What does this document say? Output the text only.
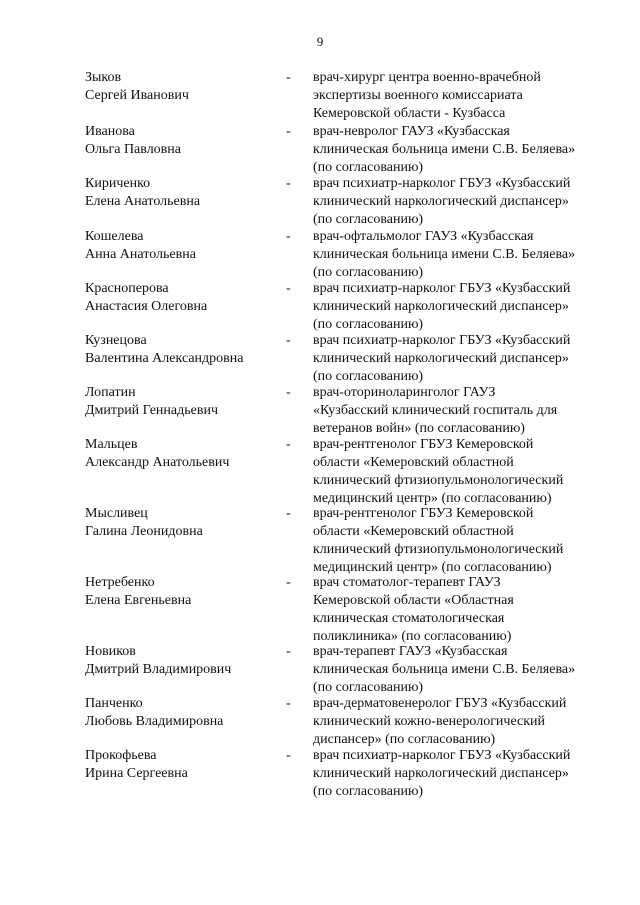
9
Зыков
Сергей Иванович
-	врач-хирург центра военно-врачебной
экспертизы военного комиссариата
Кемеровской области - Кузбасса
Иванова
Ольга Павловна
-	врач-невролог ГАУЗ «Кузбасская
клиническая больница имени С.В. Беляева»
(по согласованию)
Кириченко
Елена Анатольевна
-	врач психиатр-нарколог ГБУЗ «Кузбасский
клинический наркологический диспансер»
(по согласованию)
Кошелева
Анна Анатольевна
-	врач-офтальмолог ГАУЗ «Кузбасская
клиническая больница имени С.В. Беляева»
(по согласованию)
Красноперова
Анастасия Олеговна
-	врач психиатр-нарколог ГБУЗ «Кузбасский
клинический наркологический диспансер»
(по согласованию)
Кузнецова
Валентина Александровна
-	врач психиатр-нарколог ГБУЗ «Кузбасский
клинический наркологический диспансер»
(по согласованию)
Лопатин
Дмитрий Геннадьевич
-	врач-оториноларинголог ГАУЗ
«Кузбасский клинический госпиталь для
ветеранов войн» (по согласованию)
Мальцев
Александр Анатольевич
-	врач-рентгенолог ГБУЗ Кемеровской
области «Кемеровский областной
клинический фтизиопульмонологический
медицинский центр» (по согласованию)
Мысливец
Галина Леонидовна
-	врач-рентгенолог ГБУЗ Кемеровской
области «Кемеровский областной
клинический фтизиопульмонологический
медицинский центр» (по согласованию)
Нетребенко
Елена Евгеньевна
-	врач стоматолог-терапевт ГАУЗ
Кемеровской области «Областная
клиническая стоматологическая
поликлиника» (по согласованию)
Новиков
Дмитрий Владимирович
-	врач-терапевт ГАУЗ «Кузбасская
клиническая больница имени С.В. Беляева»
(по согласованию)
Панченко
Любовь Владимировна
-	врач-дерматовенеролог ГБУЗ «Кузбасский
клинический кожно-венерологический
диспансер» (по согласованию)
Прокофьева
Ирина Сергеевна
-	врач психиатр-нарколог ГБУЗ «Кузбасский
клинический наркологический диспансер»
(по согласованию)
